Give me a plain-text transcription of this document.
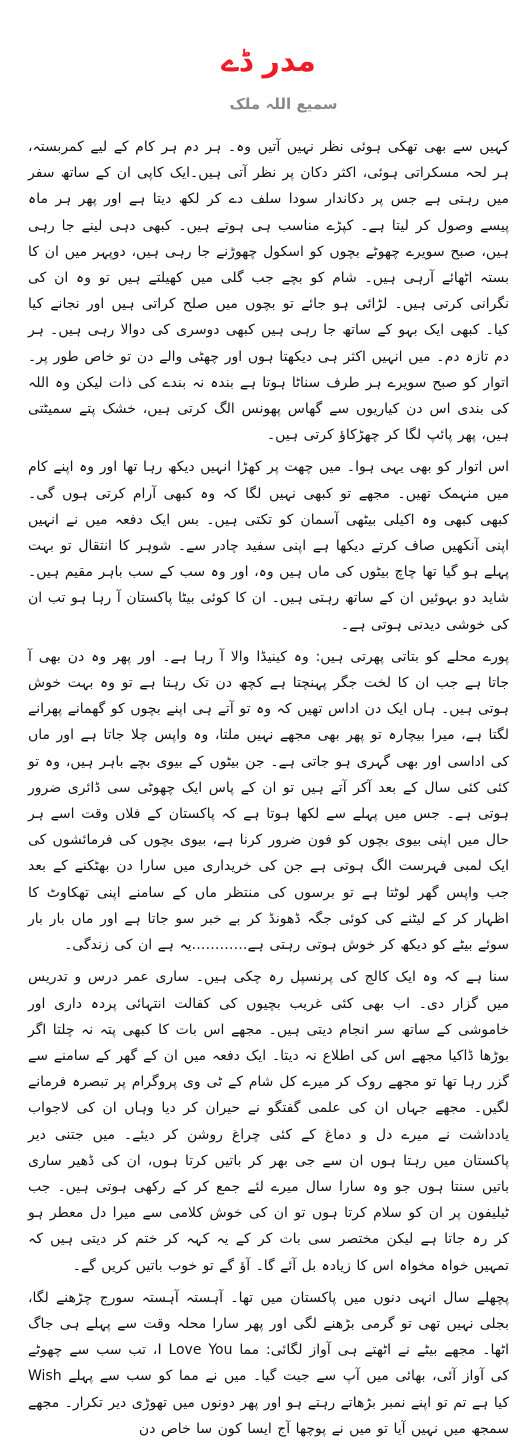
مدر ڈے
سمیع اللہ ملک

کہیں سے بھی تھکی ہوئی نظر نہیں آتیں وہ۔ ہر دم ہر کام کے لیے کمربستہ، ہر لحہ مسکراتی ہوئی، اکثر دکان پر نظر آتی ہیں۔ایک کاپی ان کے ساتھ سفر میں رہتی ہے جس پر دکاندار سودا سلف دے کر لکھ دیتا ہے اور پھر ہر ماہ پیسے وصول کر لیتا ہے۔ کپڑے مناسب ہی ہوتے ہیں۔ کبھی دہی لینے جا رہی ہیں، صبح سویرے چھوٹے بچوں کو اسکول چھوڑنے جا رہی ہیں، دوپہر میں ان کا بستہ اٹھائے آرہی ہیں۔ شام کو بچے جب گلی میں کھیلتے ہیں تو وہ ان کی نگرانی کرتی ہیں۔ لڑائی ہو جائے تو بچوں میں صلح کراتی ہیں اور نجانے کیا کیا۔ کبھی ایک بہو کے ساتھ جا رہی ہیں کبھی دوسری کی دوالا رہی ہیں۔ ہر دم تازہ دم۔ میں انہیں اکثر ہی دیکھتا ہوں اور چھٹی والے دن تو خاص طور پر۔ اتوار کو صبح سویرے ہر طرف سناٹا ہوتا ہے بندہ نہ بندے کی ذات لیکن وہ اللہ کی بندی اس دن کیاریوں سے گھاس پھونس الگ کرتی ہیں، خشک پتے سمیٹتی ہیں، پھر پائپ لگا کر چھڑکاؤ کرتی ہیں۔

اس اتوار کو بھی یہی ہوا۔ میں چھت پر کھڑا انہیں دیکھ رہا تھا اور وہ اپنے کام میں منہمک تھیں۔ مجھے تو کبھی نہیں لگا کہ وہ کبھی آرام کرتی ہوں گی۔ کبھی کبھی وہ اکیلی بیٹھی آسمان کو تکتی ہیں۔ بس ایک دفعہ میں نے انہیں اپنی آنکھیں صاف کرتے دیکھا ہے اپنی سفید چادر سے۔ شوہر کا انتقال تو بہت پہلے ہو گیا تھا چاچ بیٹوں کی ماں ہیں وہ، اور وہ سب کے سب باہر مقیم ہیں۔ شاید دو بہوئیں ان کے ساتھ رہتی ہیں۔ ان کا کوئی بیٹا پاکستان آ رہا ہو تب ان کی خوشی دیدنی ہوتی ہے۔

پورے محلے کو بتاتی پھرتی ہیں: وہ کینیڈا والا آ رہا ہے۔ اور پھر وہ دن بھی آ جاتا ہے جب ان کا لخت جگر پہنچتا ہے کچھ دن تک رہتا ہے تو وہ بہت خوش ہوتی ہیں۔ ہاں ایک دن اداس تھیں کہ وہ تو آتے ہی اپنے بچوں کو گھمانے پھرانے لگتا ہے، میرا بیچارہ تو پھر بھی مجھے نہیں ملتا، وہ واپس چلا جاتا ہے اور ماں کی اداسی اور بھی گہری ہو جاتی ہے۔ جن بیٹوں کے بیوی بچے باہر ہیں، وہ تو کئی کئی سال کے بعد آکر آتے ہیں تو ان کے پاس ایک چھوٹی سی ڈائری ضرور ہوتی ہے۔ جس میں پہلے سے لکھا ہوتا ہے کہ پاکستان کے فلاں وقت اسے ہر حال میں اپنی بیوی بچوں کو فون ضرور کرنا ہے، بیوی بچوں کی فرمائشوں کی ایک لمبی فہرست الگ ہوتی ہے جن کی خریداری میں سارا دن بھٹکنے کے بعد جب واپس گھر لوٹتا ہے تو برسوں کی منتظر ماں کے سامنے اپنی تھکاوٹ کا اظہار کر کے لیٹنے کی کوئی جگہ ڈھونڈ کر بے خبر سو جاتا ہے اور ماں بار بار سوئے بیٹے کو دیکھ کر خوش ہوتی رہتی ہے…………یہ ہے ان کی زندگی۔

سنا ہے کہ وہ ایک کالج کی پرنسپل رہ چکی ہیں۔ ساری عمر درس و تدریس میں گزار دی۔ اب بھی کئی غریب بچیوں کی کفالت انتہائی پردہ داری اور خاموشی کے ساتھ سر انجام دیتی ہیں۔ مجھے اس بات کا کبھی پتہ نہ چلتا اگر بوڑھا ڈاکیا مجھے اس کی اطلاع نہ دیتا۔ ایک دفعہ میں ان کے گھر کے سامنے سے گزر رہا تھا تو مجھے روک کر میرے کل شام کے ٹی وی پروگرام پر تبصرہ فرمانے لگیں۔ مجھے جہاں ان کی علمی گفتگو نے حیران کر دیا وہاں ان کی لاجواب یادداشت نے میرے دل و دماغ کے کئی چراغ روشن کر دیئے۔ میں جتنی دیر پاکستان میں رہتا ہوں ان سے جی بھر کر باتیں کرتا ہوں، ان کی ڈھیر ساری باتیں سنتا ہوں جو وہ سارا سال میرے لئے جمع کر کے رکھی ہوتی ہیں۔ جب ٹیلیفون پر ان کو سلام کرتا ہوں تو ان کی خوش کلامی سے میرا دل معطر ہو کر رہ جاتا ہے لیکن مختصر سی بات کر کے یہ کہہ کر ختم کر دیتی ہیں کہ تمہیں خواہ مخواہ اس کا زیادہ بل آئے گا۔ آؤ گے تو خوب باتیں کریں گے۔

پچھلے سال انہی دنوں میں پاکستان میں تھا۔ آہستہ آہستہ سورج چڑھنے لگا، بجلی نہیں تھی تو گرمی بڑھنے لگی اور پھر سارا محلہ وقت سے پہلے ہی جاگ اٹھا۔ مجھے بیٹے نے اٹھتے ہی آواز لگائی: مما I Love You، تب سب سے چھوٹے کی آواز آئی، بھائی میں آپ سے جیت گیا۔ میں نے مما کو سب سے پہلے Wish کیا ہے تم تو اپنے نمبر بڑھاتے رہتے ہو اور پھر دونوں میں تھوڑی دیر تکرار۔ مجھے سمجھ میں نہیں آیا تو میں نے پوچھا آج ایسا کون سا خاص دن
